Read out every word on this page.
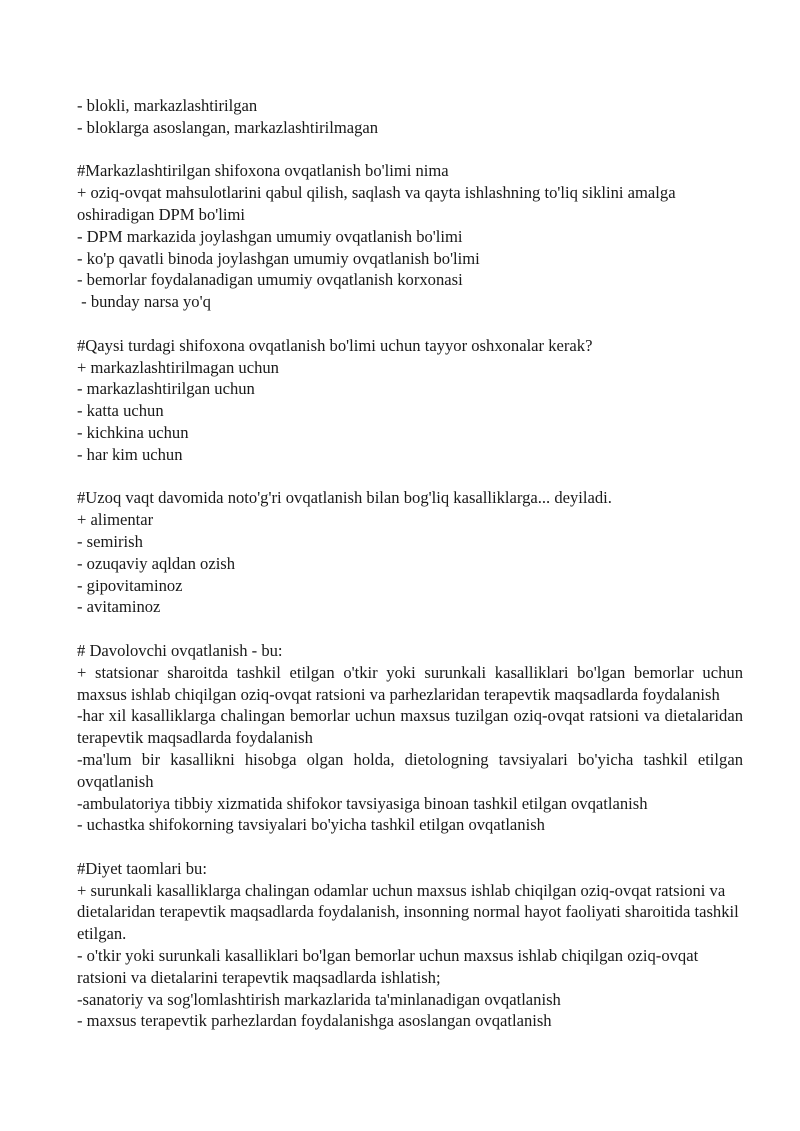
- blokli, markazlashtirilgan
- bloklarga asoslangan, markazlashtirilmagan
#Markazlashtirilgan shifoxona ovqatlanish bo'limi nima
+ oziq-ovqat mahsulotlarini qabul qilish, saqlash va qayta ishlashning to'liq siklini amalga oshiradigan DPM bo'limi
- DPM markazida joylashgan umumiy ovqatlanish bo'limi
- ko'p qavatli binoda joylashgan umumiy ovqatlanish bo'limi
- bemorlar foydalanadigan umumiy ovqatlanish korxonasi
- bunday narsa yo'q
#Qaysi turdagi shifoxona ovqatlanish bo'limi uchun tayyor oshxonalar kerak?
+ markazlashtirilmagan uchun
- markazlashtirilgan uchun
- katta uchun
- kichkina uchun
- har kim uchun
#Uzoq vaqt davomida noto'g'ri ovqatlanish bilan bog'liq kasalliklarga... deyiladi.
+ alimentar
- semirish
- ozuqaviy aqldan ozish
- gipovitaminoz
- avitaminoz
# Davolovchi ovqatlanish - bu:
+ statsionar sharoitda tashkil etilgan o'tkir yoki surunkali kasalliklari bo'lgan bemorlar uchun maxsus ishlab chiqilgan oziq-ovqat ratsioni va parhezlaridan terapevtik maqsadlarda foydalanish
-har xil kasalliklarga chalingan bemorlar uchun maxsus tuzilgan oziq-ovqat ratsioni va dietalaridan terapevtik maqsadlarda foydalanish
-ma'lum bir kasallikni hisobga olgan holda, dietologning tavsiyalari bo'yicha tashkil etilgan ovqatlanish
-ambulatoriya tibbiy xizmatida shifokor tavsiyasiga binoan tashkil etilgan ovqatlanish
- uchastka shifokorning tavsiyalari bo'yicha tashkil etilgan ovqatlanish
#Diyet taomlari bu:
+ surunkali kasalliklarga chalingan odamlar uchun maxsus ishlab chiqilgan oziq-ovqat ratsioni va dietalaridan terapevtik maqsadlarda foydalanish, insonning normal hayot faoliyati sharoitida tashkil etilgan.
- o'tkir yoki surunkali kasalliklari bo'lgan bemorlar uchun maxsus ishlab chiqilgan oziq-ovqat ratsioni va dietalarini terapevtik maqsadlarda ishlatish;
-sanatoriy va sog'lomlashtirish markazlarida ta'minlanadigan ovqatlanish
- maxsus terapevtik parhezlardan foydalanishga asoslangan ovqatlanish
